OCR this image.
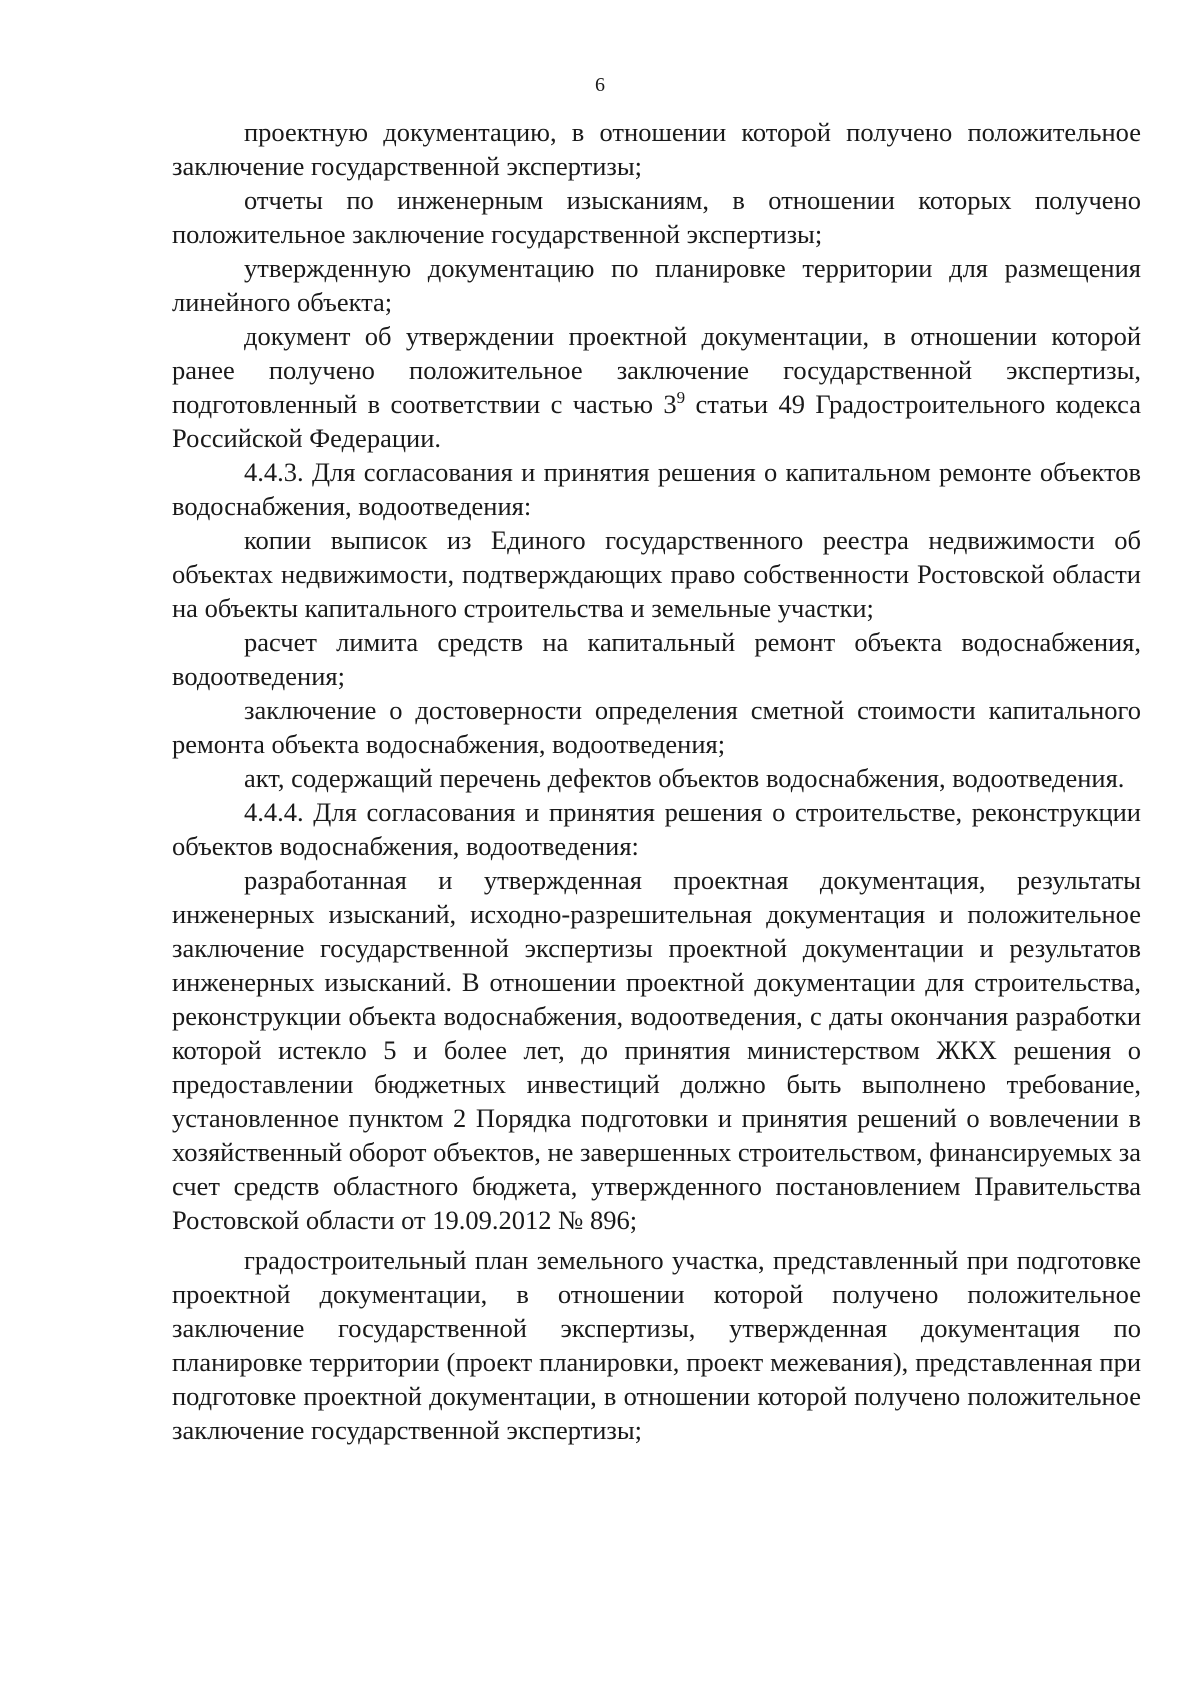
6

проектную документацию, в отношении которой получено положительное заключение государственной экспертизы;

отчеты по инженерным изысканиям, в отношении которых получено положительное заключение государственной экспертизы;

утвержденную документацию по планировке территории для размещения линейного объекта;

документ об утверждении проектной документации, в отношении которой ранее получено положительное заключение государственной экспертизы, подготовленный в соответствии с частью $3^9$ статьи 49 Градостроительного кодекса Российской Федерации.

4.4.3. Для согласования и принятия решения о капитальном ремонте объектов водоснабжения, водоотведения:

копии выписок из Единого государственного реестра недвижимости об объектах недвижимости, подтверждающих право собственности Ростовской области на объекты капитального строительства и земельные участки;

расчет лимита средств на капитальный ремонт объекта водоснабжения, водоотведения;

заключение о достоверности определения сметной стоимости капитального ремонта объекта водоснабжения, водоотведения;

акт, содержащий перечень дефектов объектов водоснабжения, водоотведения.

4.4.4. Для согласования и принятия решения о строительстве, реконструкции объектов водоснабжения, водоотведения:

разработанная и утвержденная проектная документация, результаты инженерных изысканий, исходно-разрешительная документация и положительное заключение государственной экспертизы проектной документации и результатов инженерных изысканий. В отношении проектной документации для строительства, реконструкции объекта водоснабжения, водоотведения, с даты окончания разработки которой истекло 5 и более лет, до принятия министерством ЖКХ решения о предоставлении бюджетных инвестиций должно быть выполнено требование, установленное пунктом 2 Порядка подготовки и принятия решений о вовлечении в хозяйственный оборот объектов, не завершенных строительством, финансируемых за счет средств областного бюджета, утвержденного постановлением Правительства Ростовской области от 19.09.2012 № 896;

градостроительный план земельного участка, представленный при подготовке проектной документации, в отношении которой получено положительное заключение государственной экспертизы, утвержденная документация по планировке территории (проект планировки, проект межевания), представленная при подготовке проектной документации, в отношении которой получено положительное заключение государственной экспертизы;
